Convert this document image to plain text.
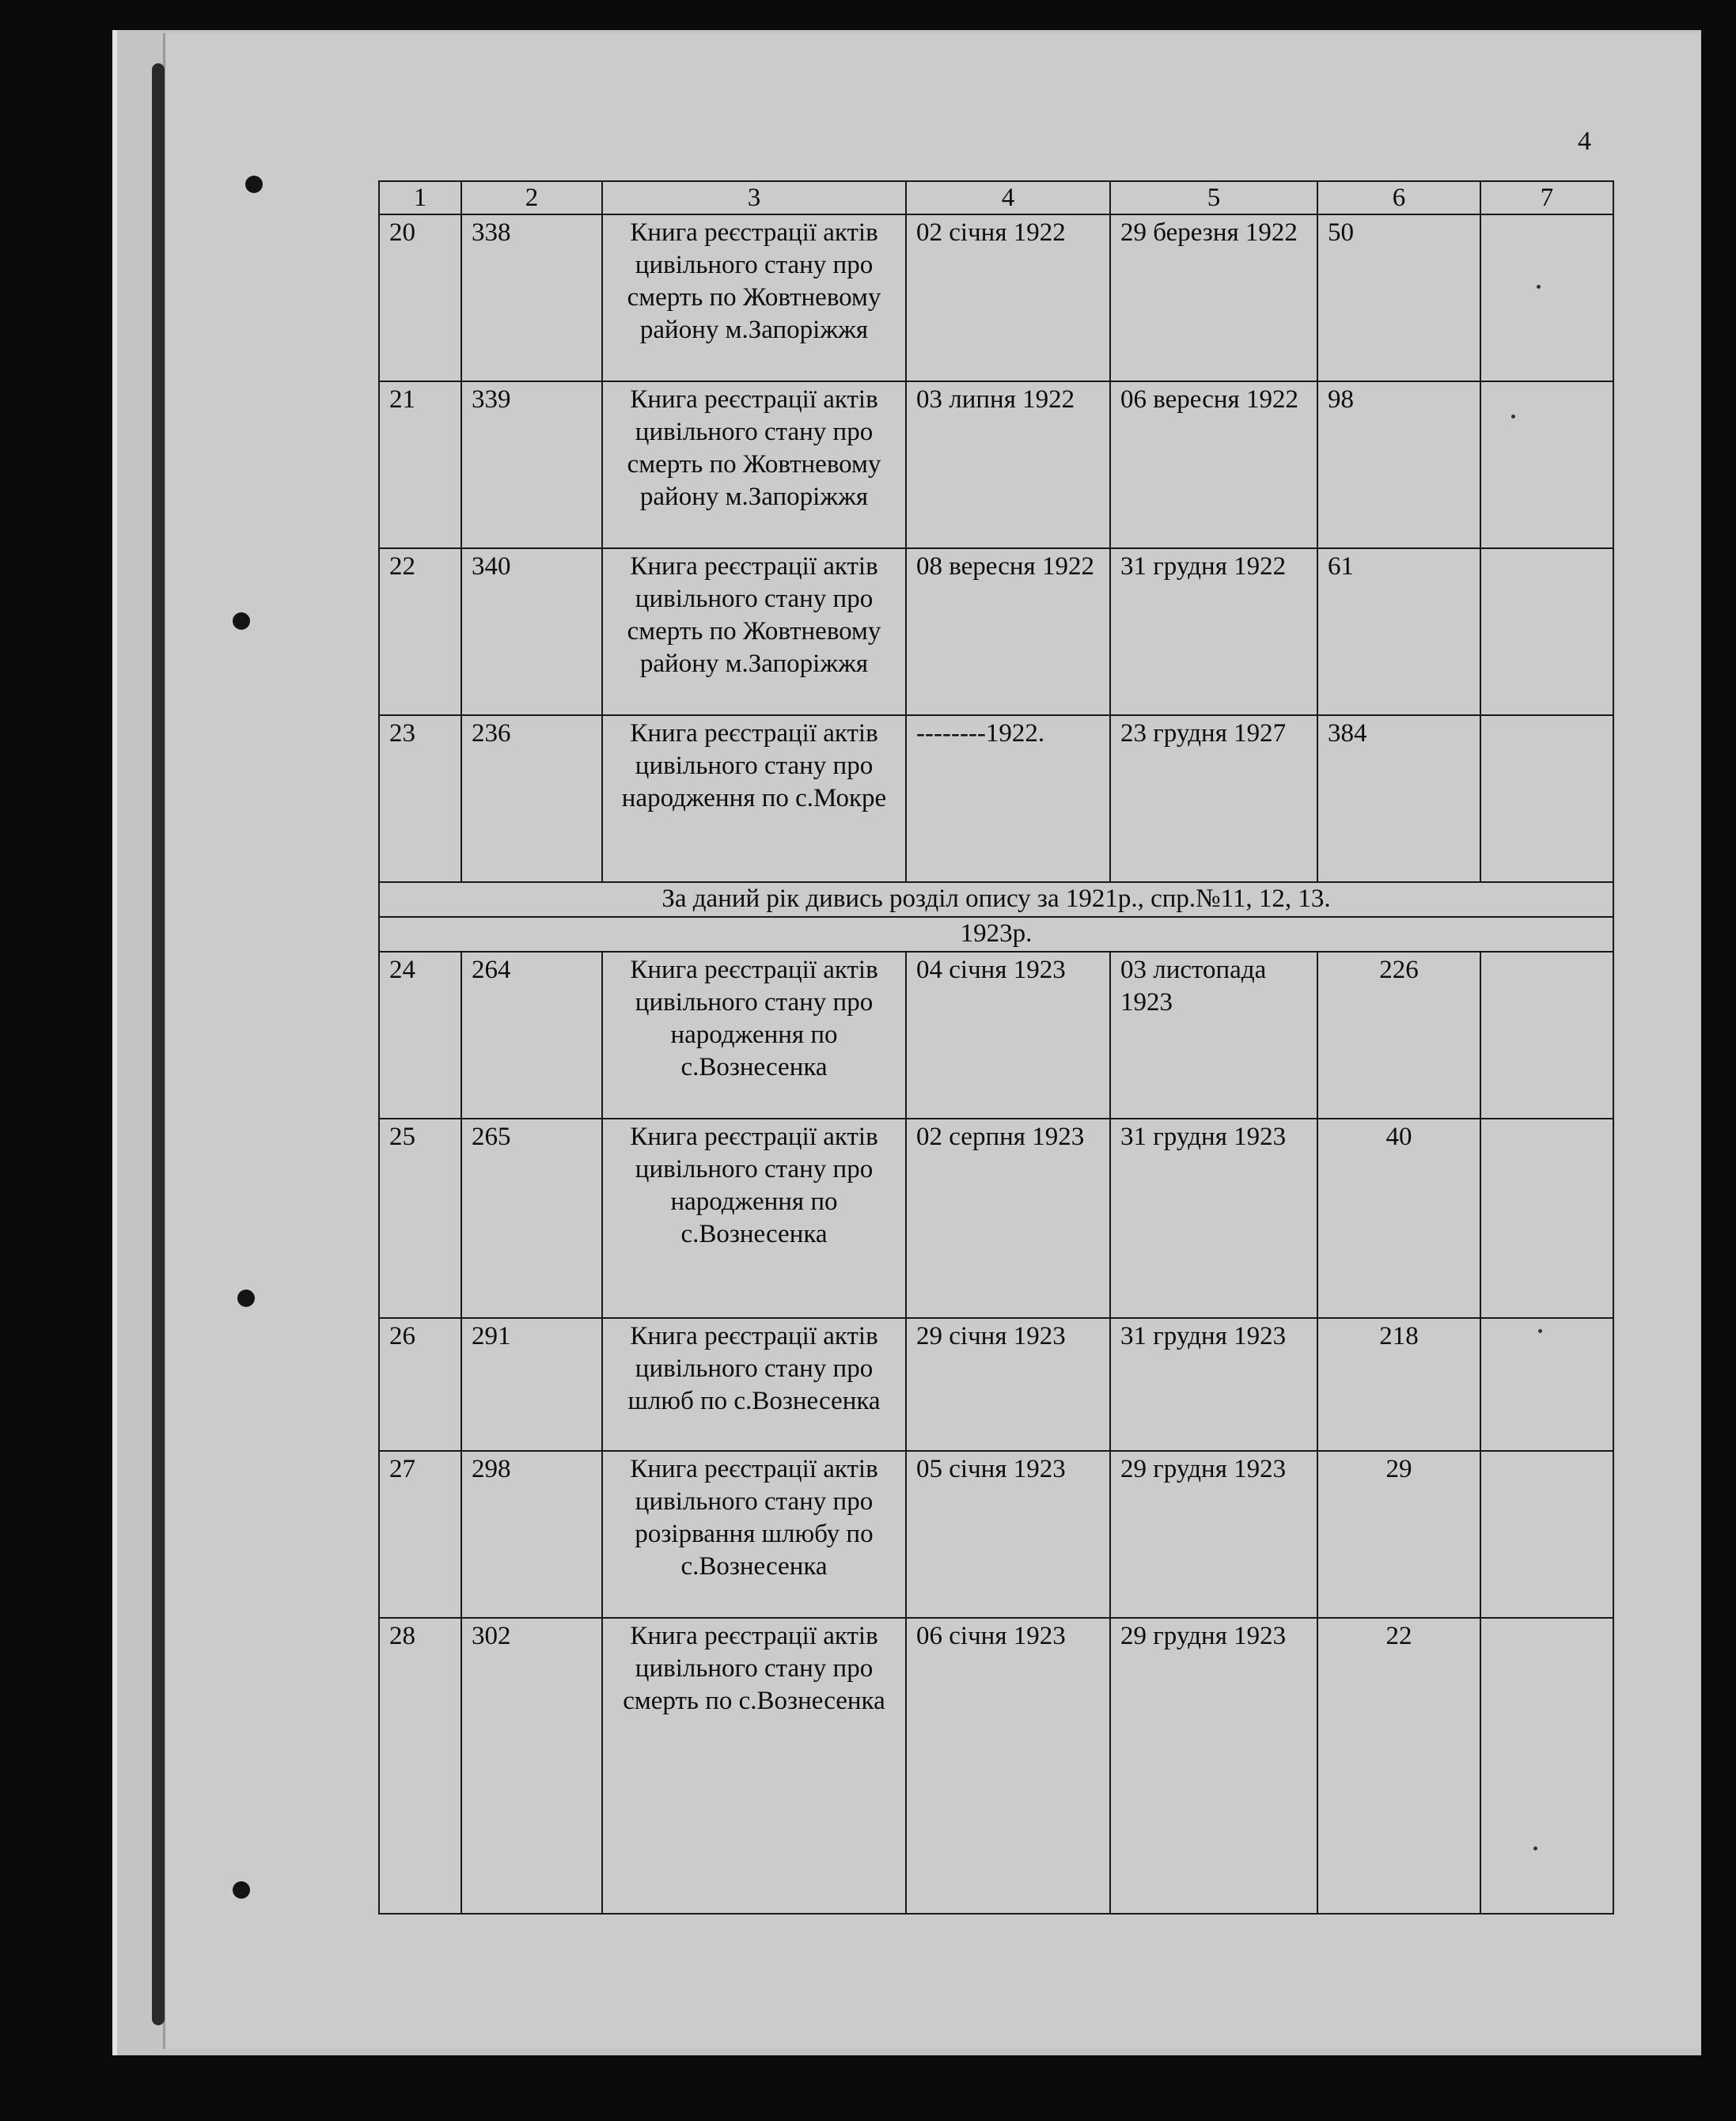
4
1	2	3	4	5	6	7
20	338	Книга реєстрації актів цивільного стану про смерть по Жовтневому району м.Запоріжжя	02 січня 1922	29 березня 1922	50	
21	339	Книга реєстрації актів цивільного стану про смерть по Жовтневому району м.Запоріжжя	03 липня 1922	06 вересня 1922	98	
22	340	Книга реєстрації актів цивільного стану про смерть по Жовтневому району м.Запоріжжя	08 вересня 1922	31 грудня 1922	61	
23	236	Книга реєстрації актів цивільного стану про народження по с.Мокре	--------1922.	23 грудня 1927	384	
За даний рік дивись розділ опису за 1921р., спр.№11, 12, 13.						
1923р.						
24	264	Книга реєстрації актів цивільного стану про народження по с.Вознесенка	04 січня 1923	03 листопада 1923	226	
25	265	Книга реєстрації актів цивільного стану про народження по с.Вознесенка	02 серпня 1923	31 грудня 1923	40	
26	291	Книга реєстрації актів цивільного стану про шлюб по с.Вознесенка	29 січня 1923	31 грудня 1923	218	
27	298	Книга реєстрації актів цивільного стану про розірвання шлюбу по с.Вознесенка	05 січня 1923	29 грудня 1923	29	
28	302	Книга реєстрації актів цивільного стану про смерть по с.Вознесенка	06 січня 1923	29 грудня 1923	22	
